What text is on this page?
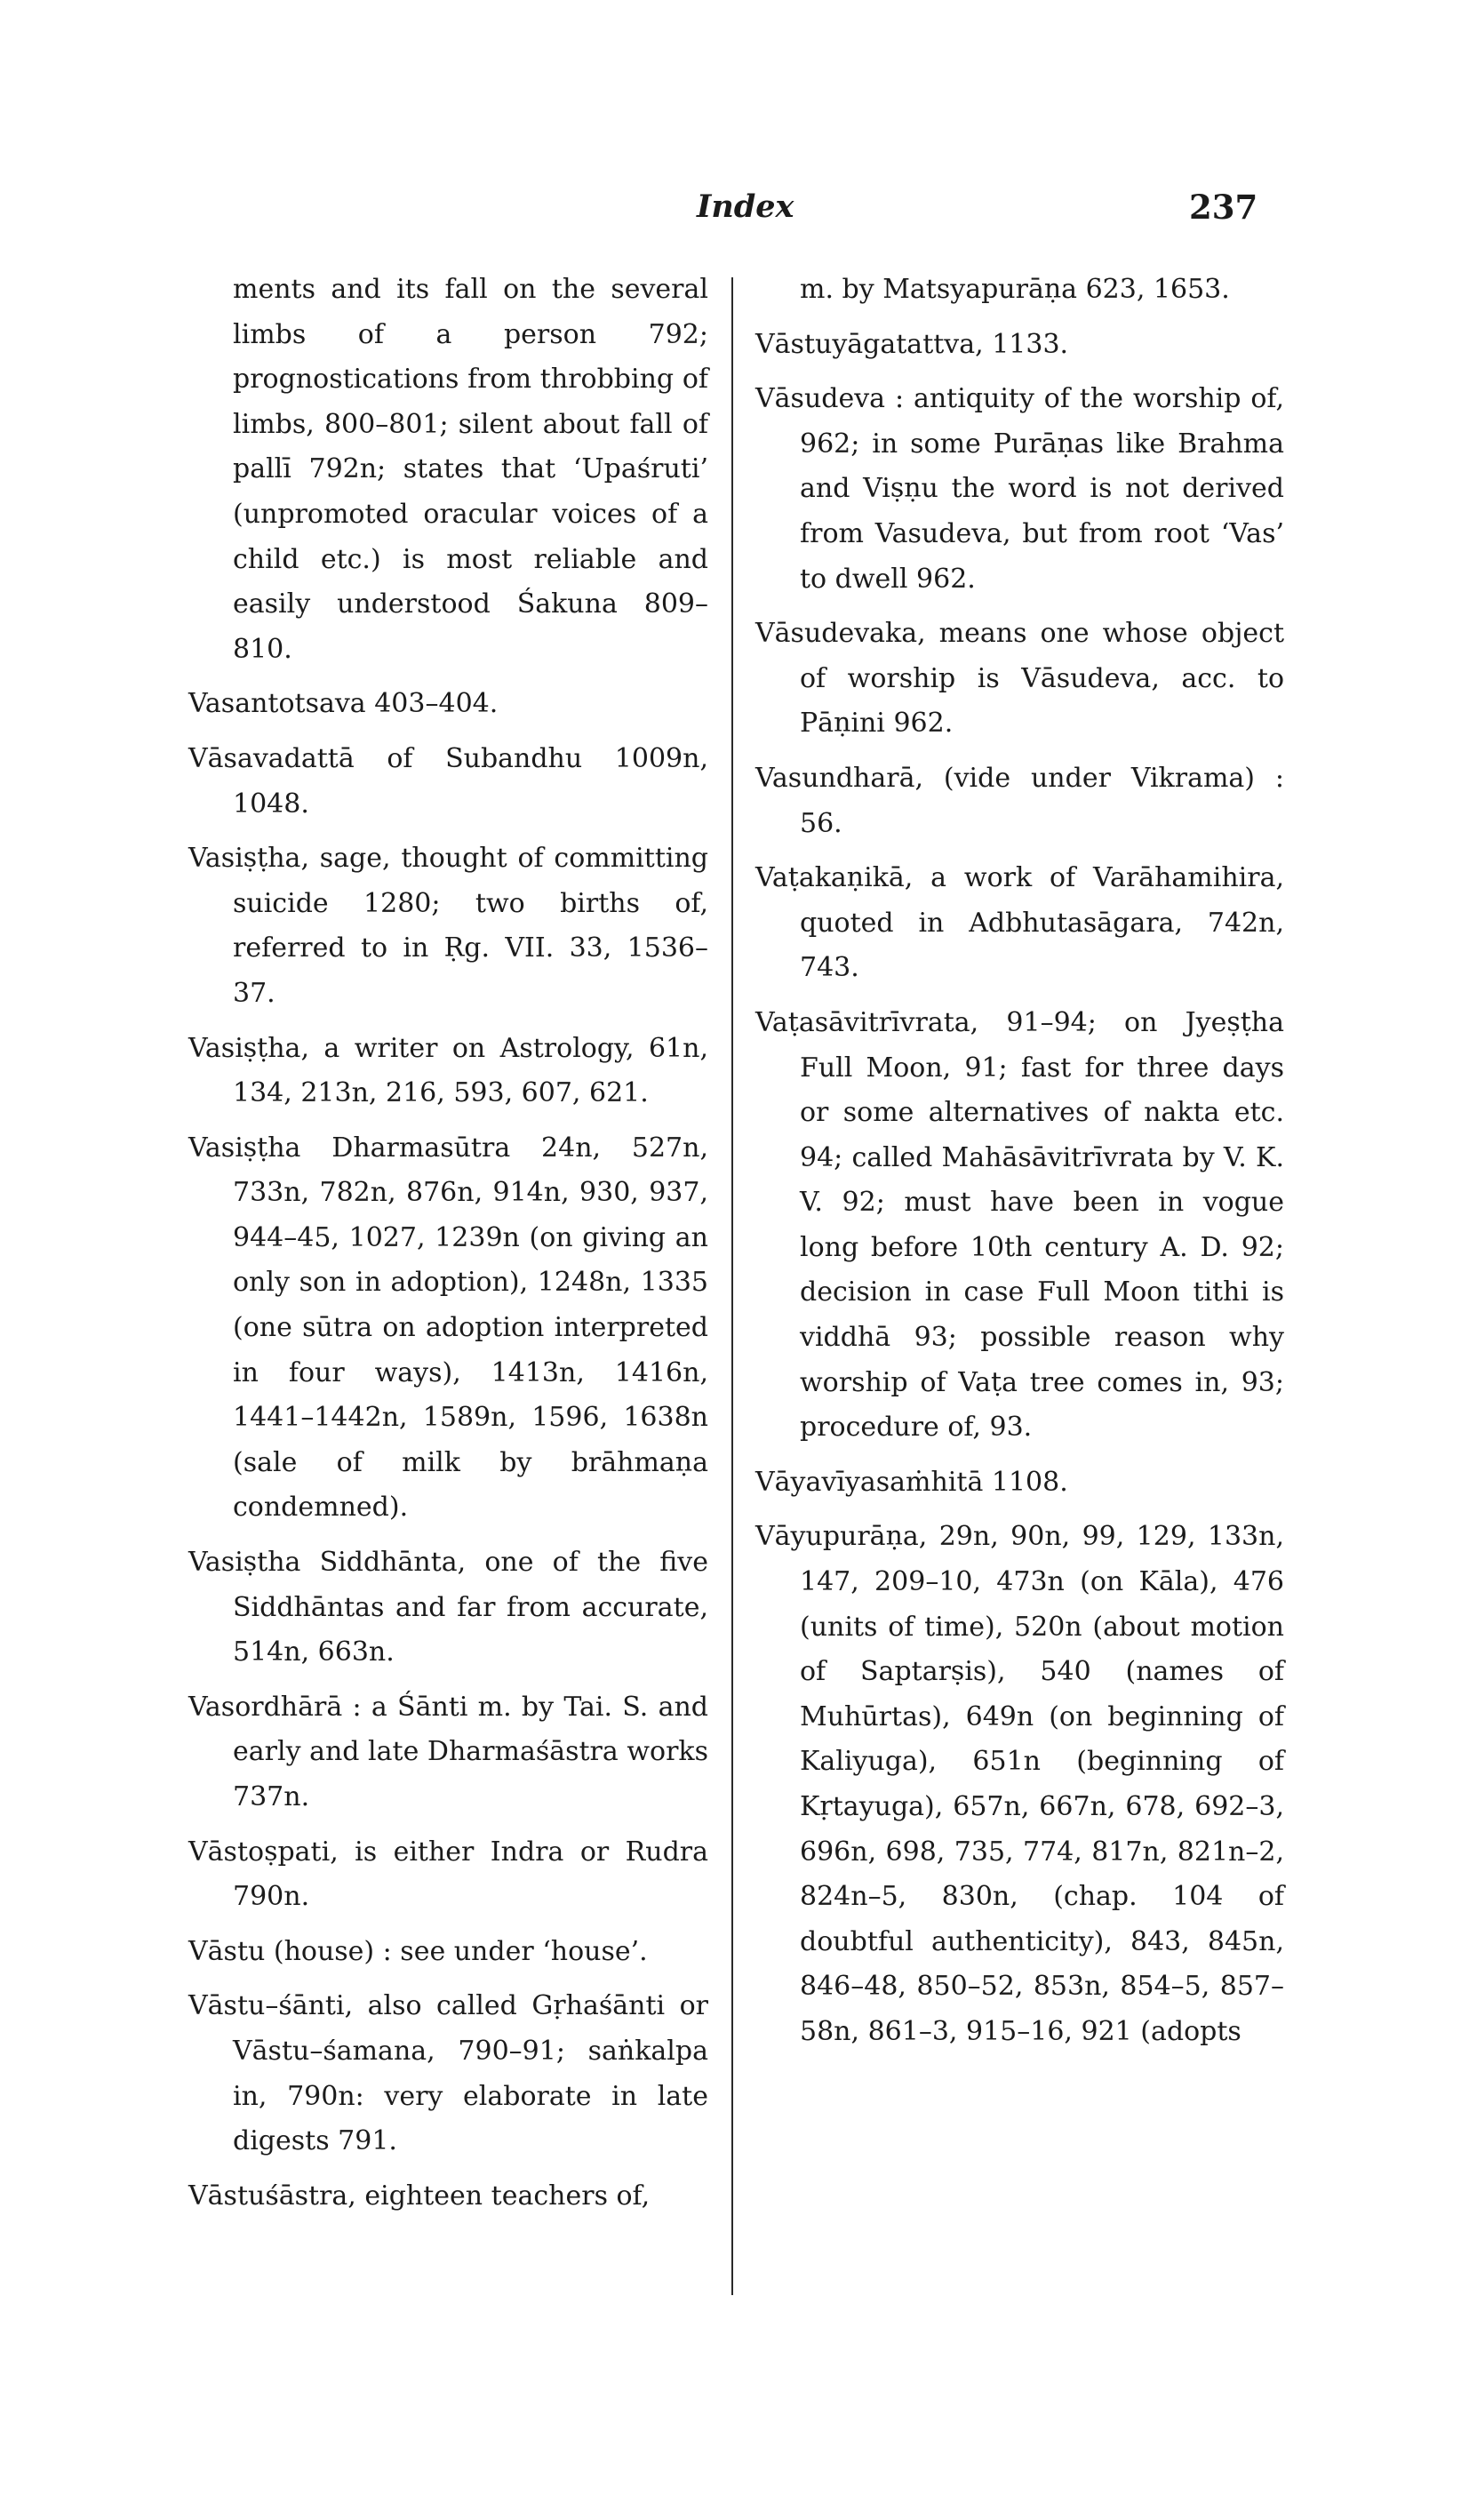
Index	237

ments and its fall on the several limbs of a person 792; prognostications from throbbing of limbs, 800–801; silent about fall of pallī 792n; states that ‘Upaśruti’ (unpromoted oracular voices of a child etc.) is most reliable and easily understood Śakuna 809–810.

Vasantotsava 403–404.

Vāsavadattā of Subandhu 1009n, 1048.

Vasiṣṭha, sage, thought of committing suicide 1280; two births of, referred to in Ṛg. VII. 33, 1536–37.

Vasiṣṭha, a writer on Astrology, 61n, 134, 213n, 216, 593, 607, 621.

Vasiṣṭha Dharmasūtra 24n, 527n, 733n, 782n, 876n, 914n, 930, 937, 944–45, 1027, 1239n (on giving an only son in adoption), 1248n, 1335 (one sūtra on adoption interpreted in four ways), 1413n, 1416n, 1441–1442n, 1589n, 1596, 1638n (sale of milk by brāhmaṇa condemned).

Vasiṣtha Siddhānta, one of the five Siddhāntas and far from accurate, 514n, 663n.

Vasordhārā : a Śānti m. by Tai. S. and early and late Dharmaśāstra works 737n.

Vāstoṣpati, is either Indra or Rudra 790n.

Vāstu (house) : see under ‘house’.

Vāstu–śānti, also called Gṛhaśānti or Vāstu–śamana, 790–91; saṅkalpa in, 790n: very elaborate in late digests 791.

Vāstuśāstra, eighteen teachers of,

m. by Matsyapurāṇa 623, 1653.

Vāstuyāgatattva, 1133.

Vāsudeva : antiquity of the worship of, 962; in some Purāṇas like Brahma and Viṣṇu the word is not derived from Vasudeva, but from root ‘Vas’ to dwell 962.

Vāsudevaka, means one whose object of worship is Vāsudeva, acc. to Pāṇini 962.

Vasundharā, (vide under Vikrama) : 56.

Vaṭakaṇikā, a work of Varāhamihira, quoted in Adbhutasāgara, 742n, 743.

Vaṭasāvitrīvrata, 91–94; on Jyeṣṭha Full Moon, 91; fast for three days or some alternatives of nakta etc. 94; called Mahāsāvitrīvrata by V. K. V. 92; must have been in vogue long before 10th century A. D. 92; decision in case Full Moon tithi is viddhā 93; possible reason why worship of Vaṭa tree comes in, 93; procedure of, 93.

Vāyavīyasaṁhitā 1108.

Vāyupurāṇa, 29n, 90n, 99, 129, 133n, 147, 209–10, 473n (on Kāla), 476 (units of time), 520n (about motion of Saptarṣis), 540 (names of Muhūrtas), 649n (on beginning of Kaliyuga), 651n (beginning of Kṛtayuga), 657n, 667n, 678, 692–3, 696n, 698, 735, 774, 817n, 821n–2, 824n–5, 830n, (chap. 104 of doubtful authenticity), 843, 845n, 846–48, 850–52, 853n, 854–5, 857–58n, 861–3, 915–16, 921 (adopts
